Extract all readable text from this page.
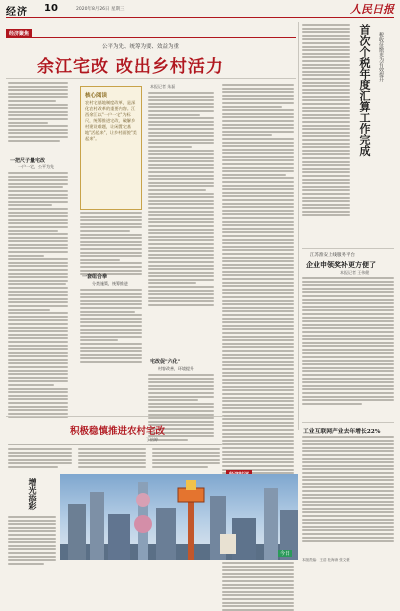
经济 10	2020年8月26日 星期三	人民日报
经济聚焦
公平为先、统筹为要、效益为重
余江宅改 改出乡村活力
一把尺子量宅改
一户一宅，公平为先
核心阅读
农村宅基地制度改革，是深化农村改革的重要内容。江西余江以"一户一宅"为标尺，统筹推进宅改，破解乡村建设难题，让闲置宅基地"活起来"，让乡村面貌"美起来"。
一套组合拳
分类施策，统筹推进
本报记者 朱磊
宅改促"六化"
村容改善，环境提升
积极稳慎推进农村宅改
丁怡婷
首次个税年度汇算工作完成	税收征缴更为有效提升
江苏淮安上线服务平台
企业申领奖补更方便了
本报记者 王伟健
工业互联网产业去年增长22%
本版责编：王浩 杜海涛 张文豪
增光添彩
今日
